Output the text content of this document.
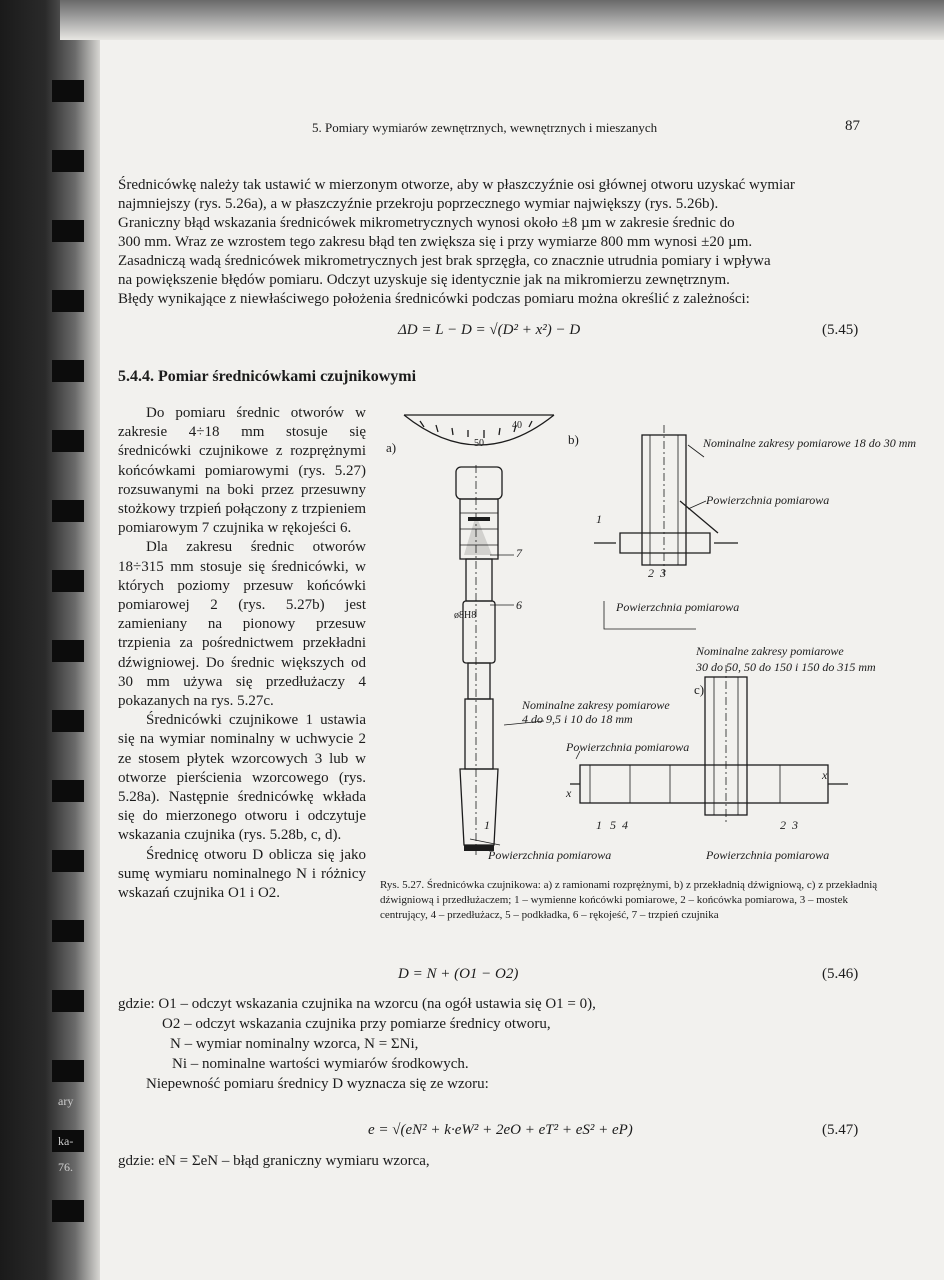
5. Pomiary wymiarów zewnętrznych, wewnętrznych i mieszanych	87
Średnicówkę należy tak ustawić w mierzonym otworze, aby w płaszczyźnie osi głównej otworu uzyskać wymiar
najmniejszy (rys. 5.26a), a w płaszczyźnie przekroju poprzecznego wymiar największy (rys. 5.26b).
Graniczny błąd wskazania średnicówek mikrometrycznych wynosi około ±8 µm w zakresie średnic do
300 mm. Wraz ze wzrostem tego zakresu błąd ten zwiększa się i przy wymiarze 800 mm wynosi ±20 µm.
Zasadniczą wadą średnicówek mikrometrycznych jest brak sprzęgła, co znacznie utrudnia pomiary i wpływa
na powiększenie błędów pomiaru. Odczyt uzyskuje się identycznie jak na mikromierzu zewnętrznym.
Błędy wynikające z niewłaściwego położenia średnicówki podczas pomiaru można określić z zależności:
ΔD = L − D = √(D² + x²) − D	(5.45)
5.4.4. Pomiar średnicówkami czujnikowymi

Do pomiaru średnic otworów w zakresie 4÷18 mm stosuje się średnicówki czujnikowe z rozprężnymi końcówkami pomiarowymi (rys. 5.27) rozsuwanymi na boki przez przesuwny stożkowy trzpień połączony z trzpieniem pomiarowym 7 czujnika w rękojeści 6.

Dla zakresu średnic otworów 18÷315 mm stosuje się średnicówki, w których poziomy przesuw końcówki pomiarowej 2 (rys. 5.27b) jest zamieniany na pionowy przesuw trzpienia za pośrednictwem przekładni dźwigniowej. Do średnic większych od 30 mm używa się przedłużaczy 4 pokazanych na rys. 5.27c.

Średnicówki czujnikowe 1 ustawia się na wymiar nominalny w uchwycie 2 ze stosem płytek wzorcowych 3 lub w otworze pierścienia wzorcowego (rys. 5.28a). Następnie średnicówkę wkłada się do mierzonego otworu i odczytuje wskazania czujnika (rys. 5.28b, c, d).

Średnicę otworu D oblicza się jako sumę wymiaru nominalnego N i różnicy wskazań czujnika O1 i O2.

a)
b)
c)
50
40
ø8H8
7
6
1
2 3
1 5 4	2 3
1
x
x
Nominalne zakresy pomiarowe 18 do 30 mm
Powierzchnia pomiarowa
Powierzchnia pomiarowa
Nominalne zakresy pomiarowe
30 do 50, 50 do 150 i 150 do 315 mm
Nominalne zakresy pomiarowe
4 do 9,5 i 10 do 18 mm
Powierzchnia pomiarowa
Powierzchnia pomiarowa	Powierzchnia pomiarowa
Rys. 5.27. Średnicówka czujnikowa: a) z ramionami rozprężnymi, b) z przekładnią dźwigniową, c) z przekładnią dźwigniową i przedłużaczem; 1 – wymienne końcówki pomiarowe, 2 – końcówka pomiarowa, 3 – mostek centrujący, 4 – przedłużacz, 5 – podkładka, 6 – rękojeść, 7 – trzpień czujnika
D = N + (O1 − O2)	(5.46)
gdzie: O1 – odczyt wskazania czujnika na wzorcu (na ogół ustawia się O1 = 0),
O2 – odczyt wskazania czujnika przy pomiarze średnicy otworu,
N – wymiar nominalny wzorca, N = ΣNi,
Ni – nominalne wartości wymiarów środkowych.
Niepewność pomiaru średnicy D wyznacza się ze wzoru:
e = √(eN² + k·eW² + 2eO + eT² + eS² + eP)	(5.47)
gdzie: eN = ΣeN – błąd graniczny wymiaru wzorca,
ary
ka-
76.
